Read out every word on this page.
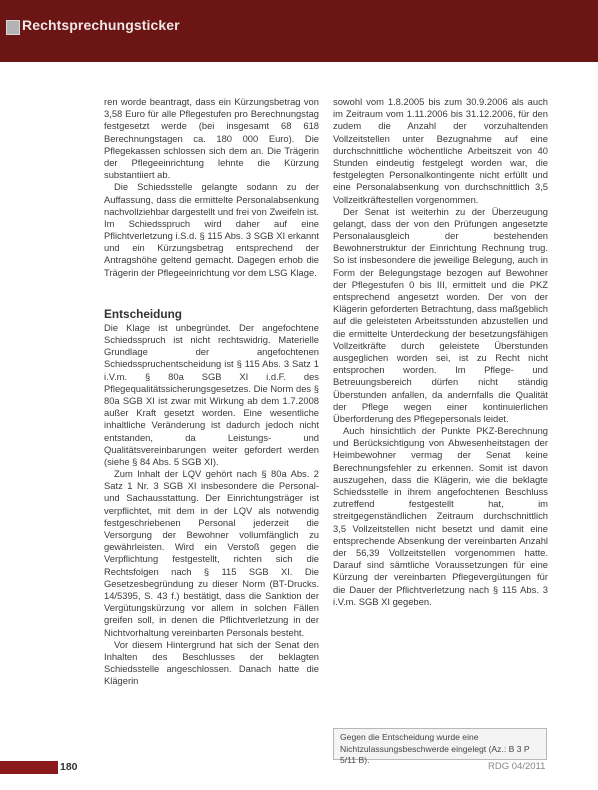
Rechtsprechungsticker

ren worde beantragt, dass ein Kürzungsbetrag von 3,58 Euro für alle Pflegestufen pro Berechnungstag festgesetzt werde (bei insgesamt 68 618 Berechnungstagen ca. 180 000 Euro). Die Pflegekassen schlossen sich dem an. Die Trägerin der Pflegeeinrichtung lehnte die Kürzung substantiiert ab.

Die Schiedsstelle gelangte sodann zu der Auffassung, dass die ermittelte Personalabsenkung nachvollziehbar dargestellt und frei von Zweifeln ist. Im Schiedsspruch wird daher auf eine Pflichtverletzung i.S.d. § 115 Abs. 3 SGB XI erkannt und ein Kürzungsbetrag entsprechend der Antragshöhe geltend gemacht. Dagegen erhob die Trägerin der Pflegeeinrichtung vor dem LSG Klage.

Entscheidung

Die Klage ist unbegründet. Der angefochtene Schiedsspruch ist nicht rechtswidrig. Materielle Grundlage der angefochtenen Schiedsspruchentscheidung ist § 115 Abs. 3 Satz 1 i.V.m. § 80a SGB XI i.d.F. des Pflegequalitätssicherungsgesetzes. Die Norm des § 80a SGB XI ist zwar mit Wirkung ab dem 1.7.2008 außer Kraft gesetzt worden. Eine wesentliche inhaltliche Veränderung ist dadurch jedoch nicht entstanden, da Leistungs- und Qualitätsvereinbarungen weiter gefordert werden (siehe § 84 Abs. 5 SGB XI).

Zum Inhalt der LQV gehört nach § 80a Abs. 2 Satz 1 Nr. 3 SGB XI insbesondere die Personal- und Sachausstattung. Der Einrichtungsträger ist verpflichtet, mit dem in der LQV als notwendig festgeschriebenen Personal jederzeit die Versorgung der Bewohner vollumfänglich zu gewährleisten. Wird ein Verstoß gegen die Verpflichtung festgestellt, richten sich die Rechtsfolgen nach § 115 SGB XI. Die Gesetzesbegründung zu dieser Norm (BT-Drucks. 14/5395, S. 43 f.) bestätigt, dass die Sanktion der Vergütungskürzung vor allem in solchen Fällen greifen soll, in denen die Pflichtverletzung in der Nichtvorhaltung vereinbarten Personals besteht.

Vor diesem Hintergrund hat sich der Senat den Inhalten des Beschlusses der beklagten Schiedsstelle angeschlossen. Danach hatte die Klägerin

sowohl vom 1.8.2005 bis zum 30.9.2006 als auch im Zeitraum vom 1.11.2006 bis 31.12.2006, für den zudem die Anzahl der vorzuhaltenden Vollzeitstellen unter Bezugnahme auf eine durchschnittliche wöchentliche Arbeitszeit von 40 Stunden eindeutig festgelegt worden war, die festgelegten Personalkontingente nicht erfüllt und eine Personalabsenkung von durchschnittlich 3,5 Vollzeitkräftestellen vorgenommen.

Der Senat ist weiterhin zu der Überzeugung gelangt, dass der von den Prüfungen angesetzte Personalausgleich der bestehenden Bewohnerstruktur der Einrichtung Rechnung trug. So ist insbesondere die jeweilige Belegung, auch in Form der Belegungstage bezogen auf Bewohner der Pflegestufen 0 bis III, ermittelt und die PKZ entsprechend angesetzt worden. Der von der Klägerin geforderten Betrachtung, dass maßgeblich auf die geleisteten Arbeitsstunden abzustellen und die ermittelte Unterdeckung der besetzungsfähigen Vollzeitkräfte durch geleistete Überstunden ausgeglichen worden sei, ist zu Recht nicht entsprochen worden. Im Pflege- und Betreuungsbereich dürfen nicht ständig Überstunden anfallen, da andernfalls die Qualität der Pflege wegen einer kontinuierlichen Überforderung des Pflegepersonals leidet.

Auch hinsichtlich der Punkte PKZ-Berechnung und Berücksichtigung von Abwesenheitstagen der Heimbewohner vermag der Senat keine Berechnungsfehler zu erkennen. Somit ist davon auszugehen, dass die Klägerin, wie die beklagte Schiedsstelle in ihrem angefochtenen Beschluss zutreffend festgestellt hat, im streitgegenständlichen Zeitraum durchschnittlich 3,5 Vollzeitstellen nicht besetzt und damit eine entsprechende Absenkung der vereinbarten Anzahl der 56,39 Vollzeitstellen vorgenommen hatte. Darauf sind sämtliche Voraussetzungen für eine Kürzung der vereinbarten Pflegevergütungen für die Dauer der Pflichtverletzung nach § 115 Abs. 3 i.V.m. SGB XI gegeben.

Gegen die Entscheidung wurde eine Nichtzulassungsbeschwerde eingelegt (Az.: B 3 P 5/11 B).
180	RDG 04/2011
